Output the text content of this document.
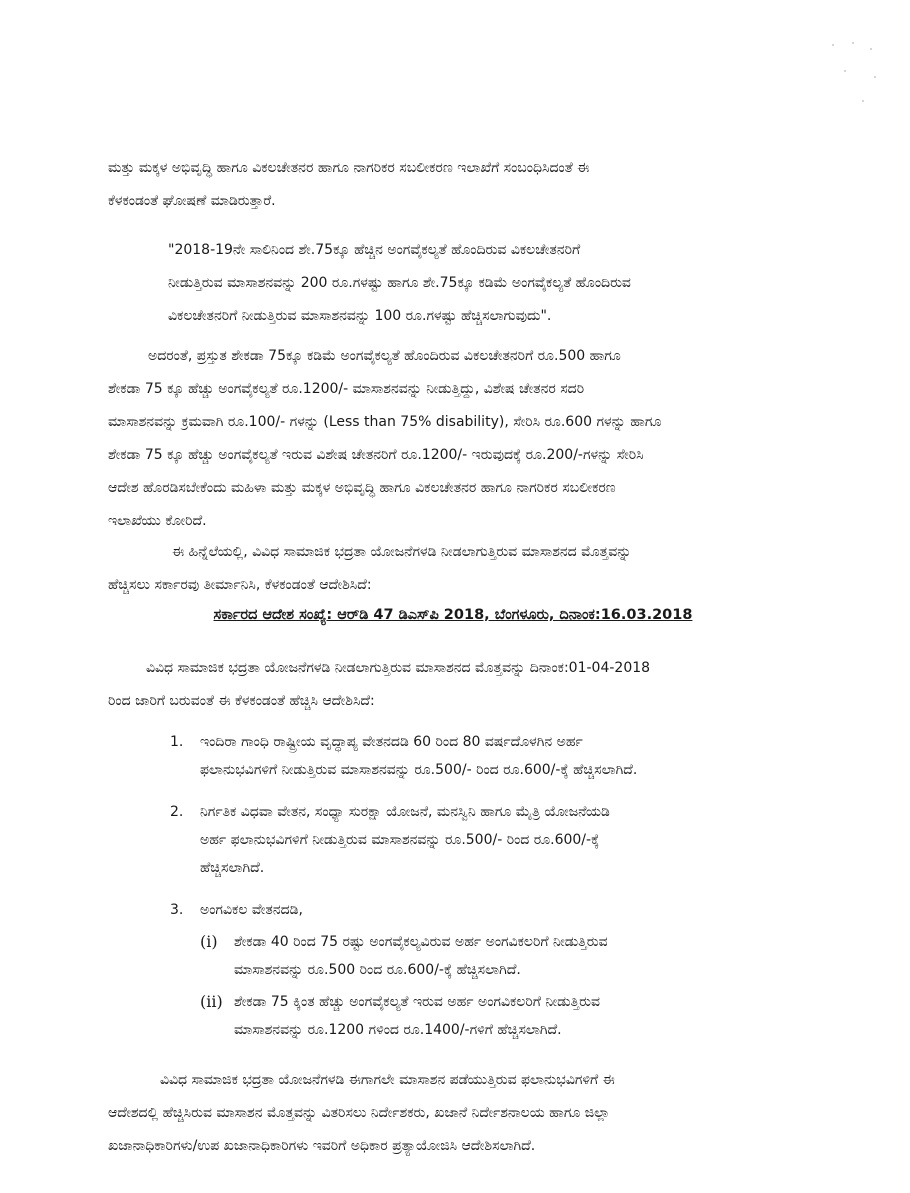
ಮತ್ತು ಮಕ್ಕಳ ಅಭಿವೃದ್ಧಿ ಹಾಗೂ ವಿಕಲಚೇತನರ ಹಾಗೂ ನಾಗರಿಕರ ಸಬಲೀಕರಣ ಇಲಾಖೆಗೆ ಸಂಬಂಧಿಸಿದಂತೆ ಈ
ಕೆಳಕಂಡಂತೆ ಘೋಷಣೆ ಮಾಡಿರುತ್ತಾರೆ.
"2018-19ನೇ ಸಾಲಿನಿಂದ ಶೇ.75ಕ್ಕೂ ಹೆಚ್ಚಿನ ಅಂಗವೈಕಲ್ಯತೆ ಹೊಂದಿರುವ ವಿಕಲಚೇತನರಿಗೆ
ನೀಡುತ್ತಿರುವ ಮಾಸಾಶನವನ್ನು 200 ರೂ.ಗಳಷ್ಟು ಹಾಗೂ ಶೇ.75ಕ್ಕೂ ಕಡಿಮೆ ಅಂಗವೈಕಲ್ಯತೆ ಹೊಂದಿರುವ
ವಿಕಲಚೇತನರಿಗೆ ನೀಡುತ್ತಿರುವ ಮಾಸಾಶನವನ್ನು 100 ರೂ.ಗಳಷ್ಟು ಹೆಚ್ಚಿಸಲಾಗುವುದು".
ಅದರಂತೆ, ಪ್ರಸ್ತುತ ಶೇಕಡಾ 75ಕ್ಕೂ ಕಡಿಮೆ ಅಂಗವೈಕಲ್ಯತೆ ಹೊಂದಿರುವ ವಿಕಲಚೇತನರಿಗೆ ರೂ.500 ಹಾಗೂ
ಶೇಕಡಾ 75 ಕ್ಕೂ ಹೆಚ್ಚು ಅಂಗವೈಕಲ್ಯತೆ ರೂ.1200/- ಮಾಸಾಶನವನ್ನು ನೀಡುತ್ತಿದ್ದು, ವಿಶೇಷ ಚೇತನರ ಸದರಿ
ಮಾಸಾಶನವನ್ನು ಕ್ರಮವಾಗಿ ರೂ.100/- ಗಳನ್ನು (Less than 75% disability), ಸೇರಿಸಿ ರೂ.600 ಗಳನ್ನು ಹಾಗೂ
ಶೇಕಡಾ 75 ಕ್ಕೂ ಹೆಚ್ಚು ಅಂಗವೈಕಲ್ಯತೆ ಇರುವ ವಿಶೇಷ ಚೇತನರಿಗೆ ರೂ.1200/- ಇರುವುದಕ್ಕೆ ರೂ.200/-ಗಳನ್ನು ಸೇರಿಸಿ
ಆದೇಶ ಹೊರಡಿಸಬೇಕೆಂದು ಮಹಿಳಾ ಮತ್ತು ಮಕ್ಕಳ ಅಭಿವೃದ್ಧಿ ಹಾಗೂ ವಿಕಲಚೇತನರ ಹಾಗೂ ನಾಗರಿಕರ ಸಬಲೀಕರಣ
ಇಲಾಖೆಯು ಕೋರಿದೆ.
ಈ ಹಿನ್ನೆಲೆಯಲ್ಲಿ, ವಿವಿಧ ಸಾಮಾಜಿಕ ಭದ್ರತಾ ಯೋಜನೆಗಳಡಿ ನೀಡಲಾಗುತ್ತಿರುವ ಮಾಸಾಶನದ ಮೊತ್ತವನ್ನು
ಹೆಚ್ಚಿಸಲು ಸರ್ಕಾರವು ತೀರ್ಮಾನಿಸಿ, ಕೆಳಕಂಡಂತೆ ಆದೇಶಿಸಿದೆ:
ಸರ್ಕಾರದ ಆದೇಶ ಸಂಖ್ಯೆ: ಆರ್‌ಡಿ 47 ಡಿಎಸ್‌ಪಿ 2018, ಬೆಂಗಳೂರು, ದಿನಾಂಕ:16.03.2018
ವಿವಿಧ ಸಾಮಾಜಿಕ ಭದ್ರತಾ ಯೋಜನೆಗಳಡಿ ನೀಡಲಾಗುತ್ತಿರುವ ಮಾಸಾಶನದ ಮೊತ್ತವನ್ನು ದಿನಾಂಕ:01-04-2018
ರಿಂದ ಜಾರಿಗೆ ಬರುವಂತೆ ಈ ಕೆಳಕಂಡಂತೆ ಹೆಚ್ಚಿಸಿ ಆದೇಶಿಸಿದೆ:
1. ಇಂದಿರಾ ಗಾಂಧಿ ರಾಷ್ಟ್ರೀಯ ವೃದ್ಧಾಪ್ಯ ವೇತನದಡಿ 60 ರಿಂದ 80 ವರ್ಷದೊಳಗಿನ ಅರ್ಹ
ಫಲಾನುಭವಿಗಳಿಗೆ ನೀಡುತ್ತಿರುವ ಮಾಸಾಶನವನ್ನು ರೂ.500/- ರಿಂದ ರೂ.600/-ಕ್ಕೆ ಹೆಚ್ಚಿಸಲಾಗಿದೆ.
2. ನಿರ್ಗತಿಕ ವಿಧವಾ ವೇತನ, ಸಂಧ್ಯಾ ಸುರಕ್ಷಾ ಯೋಜನೆ, ಮನಸ್ವಿನಿ ಹಾಗೂ ಮೈತ್ರಿ ಯೋಜನೆಯಡಿ
ಅರ್ಹ ಫಲಾನುಭವಿಗಳಿಗೆ ನೀಡುತ್ತಿರುವ ಮಾಸಾಶನವನ್ನು ರೂ.500/- ರಿಂದ ರೂ.600/-ಕ್ಕೆ
ಹೆಚ್ಚಿಸಲಾಗಿದೆ.
3. ಅಂಗವಿಕಲ ವೇತನದಡಿ,
(i) ಶೇಕಡಾ 40 ರಿಂದ 75 ರಷ್ಟು ಅಂಗವೈಕಲ್ಯವಿರುವ ಅರ್ಹ ಅಂಗವಿಕಲರಿಗೆ ನೀಡುತ್ತಿರುವ
ಮಾಸಾಶನವನ್ನು ರೂ.500 ರಿಂದ ರೂ.600/-ಕ್ಕೆ ಹೆಚ್ಚಿಸಲಾಗಿದೆ.
(ii) ಶೇಕಡಾ 75 ಕ್ಕಿಂತ ಹೆಚ್ಚು ಅಂಗವೈಕಲ್ಯತೆ ಇರುವ ಅರ್ಹ ಅಂಗವಿಕಲರಿಗೆ ನೀಡುತ್ತಿರುವ
ಮಾಸಾಶನವನ್ನು ರೂ.1200 ಗಳಿಂದ ರೂ.1400/-ಗಳಿಗೆ ಹೆಚ್ಚಿಸಲಾಗಿದೆ.
ವಿವಿಧ ಸಾಮಾಜಿಕ ಭದ್ರತಾ ಯೋಜನೆಗಳಡಿ ಈಗಾಗಲೇ ಮಾಸಾಶನ ಪಡೆಯುತ್ತಿರುವ ಫಲಾನುಭವಿಗಳಿಗೆ ಈ
ಆದೇಶದಲ್ಲಿ ಹೆಚ್ಚಿಸಿರುವ ಮಾಸಾಶನ ಮೊತ್ತವನ್ನು ವಿತರಿಸಲು ನಿರ್ದೇಶಕರು, ಖಜಾನೆ ನಿರ್ದೇಶನಾಲಯ ಹಾಗೂ ಜಿಲ್ಲಾ
ಖಜಾನಾಧಿಕಾರಿಗಳು/ಉಪ ಖಜಾನಾಧಿಕಾರಿಗಳು ಇವರಿಗೆ ಅಧಿಕಾರ ಪ್ರತ್ಯಾಯೋಜಿಸಿ ಆದೇಶಿಸಲಾಗಿದೆ.
